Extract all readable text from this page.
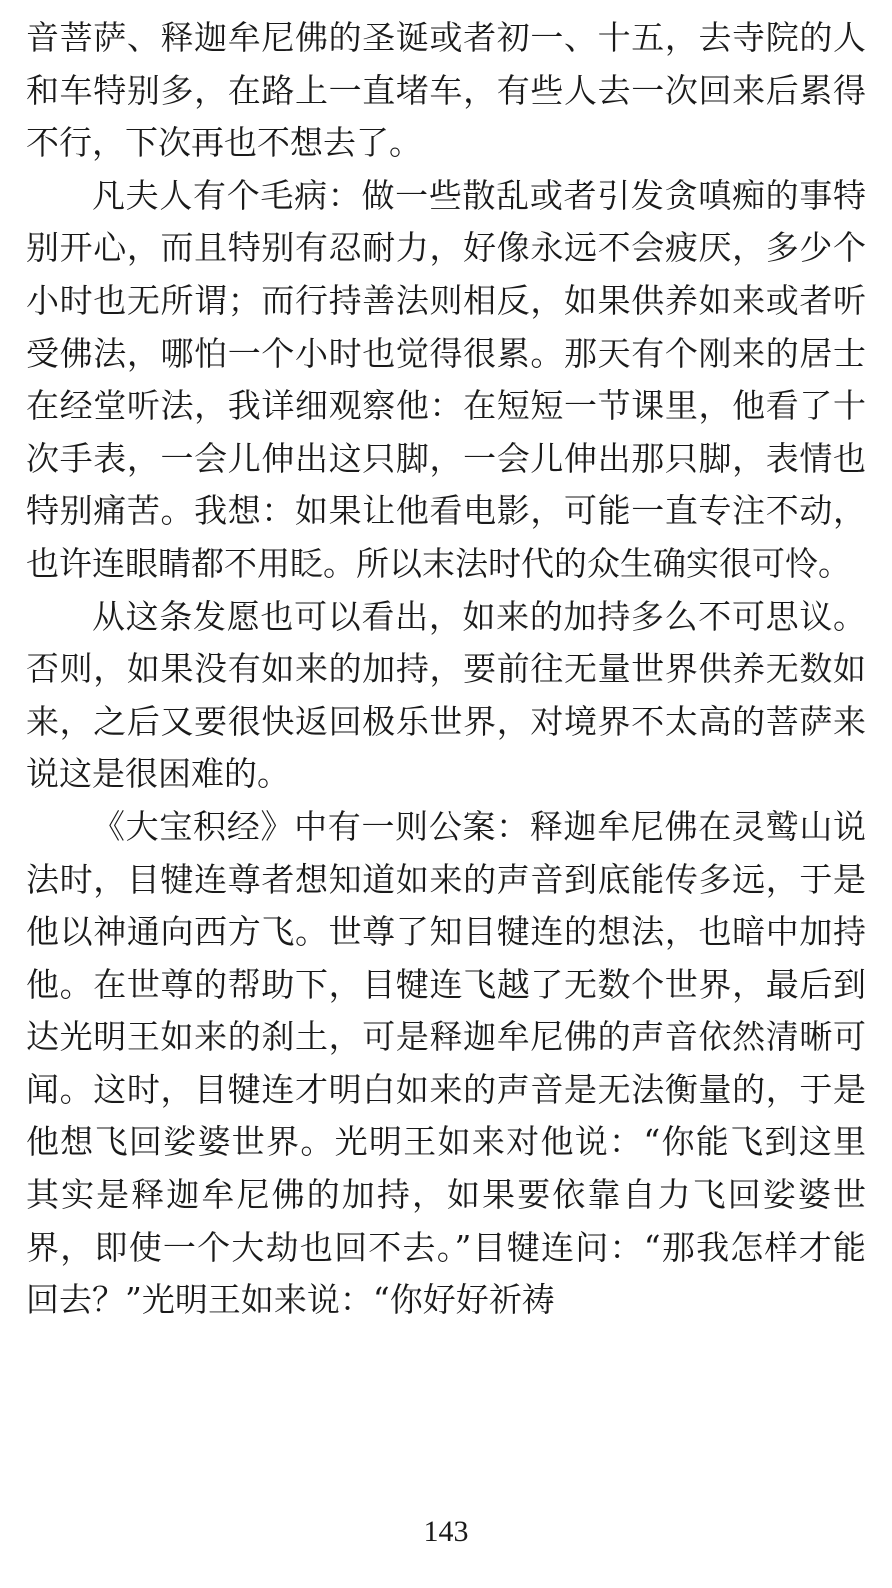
音菩萨、释迦牟尼佛的圣诞或者初一、十五，去寺院的人和车特别多，在路上一直堵车，有些人去一次回来后累得不行，下次再也不想去了。

凡夫人有个毛病：做一些散乱或者引发贪嗔痴的事特别开心，而且特别有忍耐力，好像永远不会疲厌，多少个小时也无所谓；而行持善法则相反，如果供养如来或者听受佛法，哪怕一个小时也觉得很累。那天有个刚来的居士在经堂听法，我详细观察他：在短短一节课里，他看了十次手表，一会儿伸出这只脚，一会儿伸出那只脚，表情也特别痛苦。我想：如果让他看电影，可能一直专注不动，也许连眼睛都不用眨。所以末法时代的众生确实很可怜。

从这条发愿也可以看出，如来的加持多么不可思议。否则，如果没有如来的加持，要前往无量世界供养无数如来，之后又要很快返回极乐世界，对境界不太高的菩萨来说这是很困难的。

《大宝积经》中有一则公案：释迦牟尼佛在灵鹫山说法时，目犍连尊者想知道如来的声音到底能传多远，于是他以神通向西方飞。世尊了知目犍连的想法，也暗中加持他。在世尊的帮助下，目犍连飞越了无数个世界，最后到达光明王如来的刹土，可是释迦牟尼佛的声音依然清晰可闻。这时，目犍连才明白如来的声音是无法衡量的，于是他想飞回娑婆世界。光明王如来对他说：“你能飞到这里其实是释迦牟尼佛的加持，如果要依靠自力飞回娑婆世界，即使一个大劫也回不去。”目犍连问：“那我怎样才能回去？”光明王如来说：“你好好祈祷

143
